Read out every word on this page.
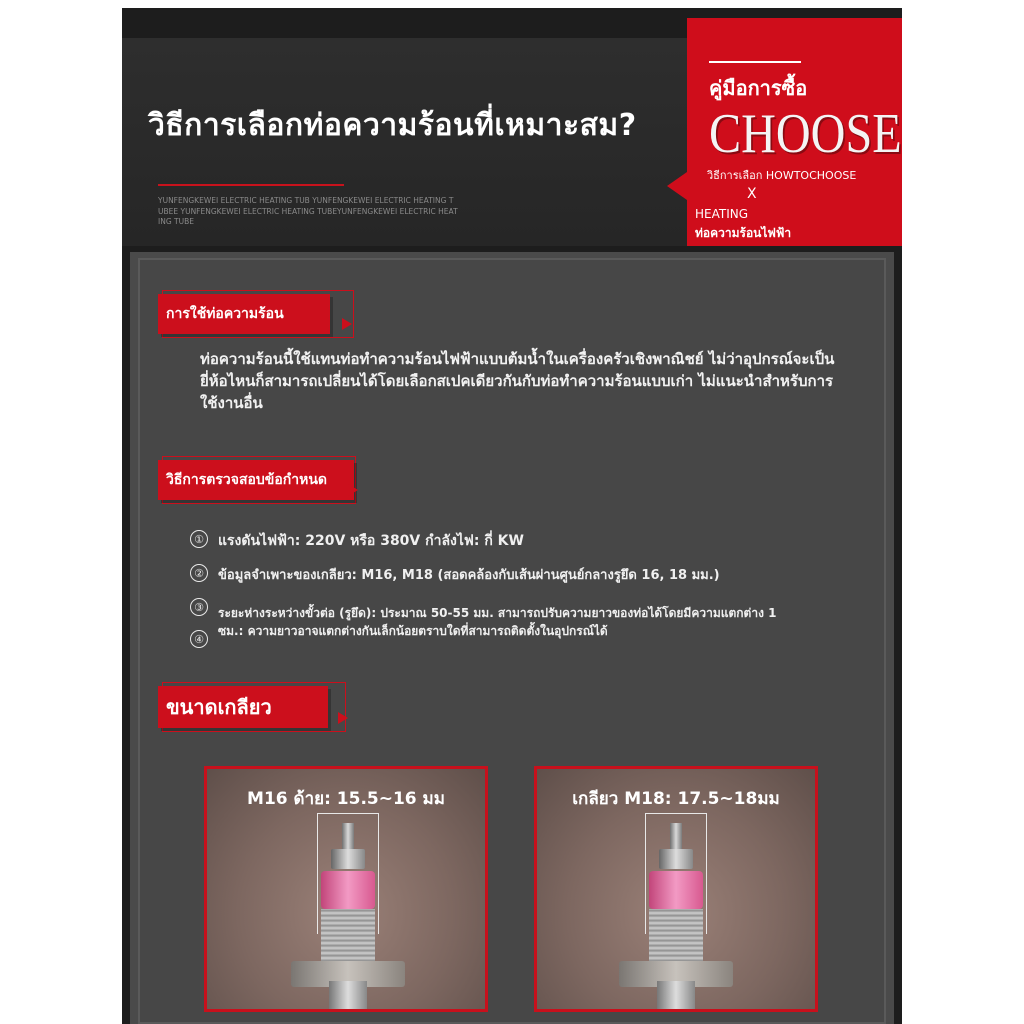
วิธีการเลือกท่อความร้อนที่เหมาะสม?
YUNFENGKEWEI ELECTRIC HEATING TUB YUNFENGKEWEI ELECTRIC HEATING TUBEE YUNFENGKEWEI ELECTRIC HEATING TUBEYUNFENGKEWEI ELECTRIC HEATING TUBE
คู่มือการซื้อ
CHOOSE
วิธีการเลือก HOWTOCHOOSE
X
HEATING
ท่อความร้อนไฟฟ้า
การใช้ท่อความร้อน
ท่อความร้อนนี้ใช้แทนท่อทำความร้อนไฟฟ้าแบบต้มน้ำในเครื่องครัวเชิงพาณิชย์ ไม่ว่าอุปกรณ์จะเป็นยี่ห้อไหนก็สามารถเปลี่ยนได้โดยเลือกสเปคเดียวกันกับท่อทำความร้อนแบบเก่า ไม่แนะนำสำหรับการใช้งานอื่น
วิธีการตรวจสอบข้อกำหนด
① แรงดันไฟฟ้า: 220V หรือ 380V กำลังไฟ: กี่ KW
②	ข้อมูลจำเพาะของเกลียว: M16, M18 (สอดคล้องกับเส้นผ่านศูนย์กลางรูยึด 16, 18 มม.)
③	ระยะห่างระหว่างขั้วต่อ (รูยึด): ประมาณ 50-55 มม. สามารถปรับความยาวของท่อได้โดยมีความแตกต่าง 1
④
ซม.: ความยาวอาจแตกต่างกันเล็กน้อยตราบใดที่สามารถติดตั้งในอุปกรณ์ได้
ขนาดเกลียว
M16 ด้าย: 15.5~16 มม	เกลียว M18: 17.5~18มม
